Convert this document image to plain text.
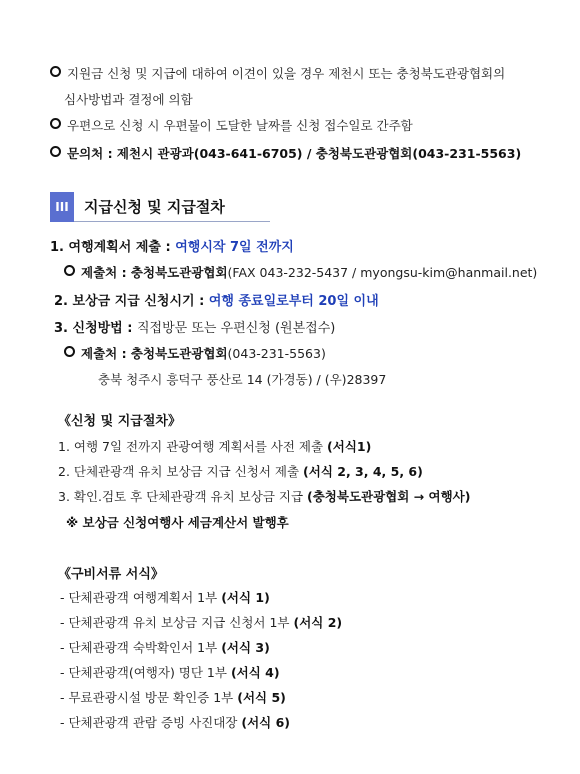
지원금 신청 및 지급에 대하여 이견이 있을 경우 제천시 또는 충청북도관광협회의
심사방법과 결정에 의함
우편으로 신청 시 우편물이 도달한 날짜를 신청 접수일로 간주함
문의처 : 제천시 관광과(043-641-6705) / 충청북도관광협회(043-231-5563)
III	지급신청 및 지급절차
1. 여행계획서 제출 : 여행시작 7일 전까지
제출처 : 충청북도관광협회(FAX 043-232-5437 / myongsu-kim@hanmail.net)
2. 보상금 지급 신청시기 : 여행 종료일로부터 20일 이내
3. 신청방법 : 직접방문 또는 우편신청 (원본접수)
제출처 : 충청북도관광협회(043-231-5563)
충북 청주시 흥덕구 풍산로 14 (가경동) / (우)28397
《신청 및 지급절차》
1. 여행 7일 전까지 관광여행 계획서를 사전 제출 (서식1)
2. 단체관광객 유치 보상금 지급 신청서 제출 (서식 2, 3, 4, 5, 6)
3. 확인.검토 후 단체관광객 유치 보상금 지급 (충청북도관광협회 → 여행사)
※ 보상금 신청여행사 세금계산서 발행후
《구비서류 서식》
- 단체관광객 여행계획서 1부 (서식 1)
- 단체관광객 유치 보상금 지급 신청서 1부 (서식 2)
- 단체관광객 숙박확인서 1부 (서식 3)
- 단체관광객(여행자) 명단 1부 (서식 4)
- 무료관광시설 방문 확인증 1부 (서식 5)
- 단체관광객 관람 증빙 사진대장 (서식 6)
